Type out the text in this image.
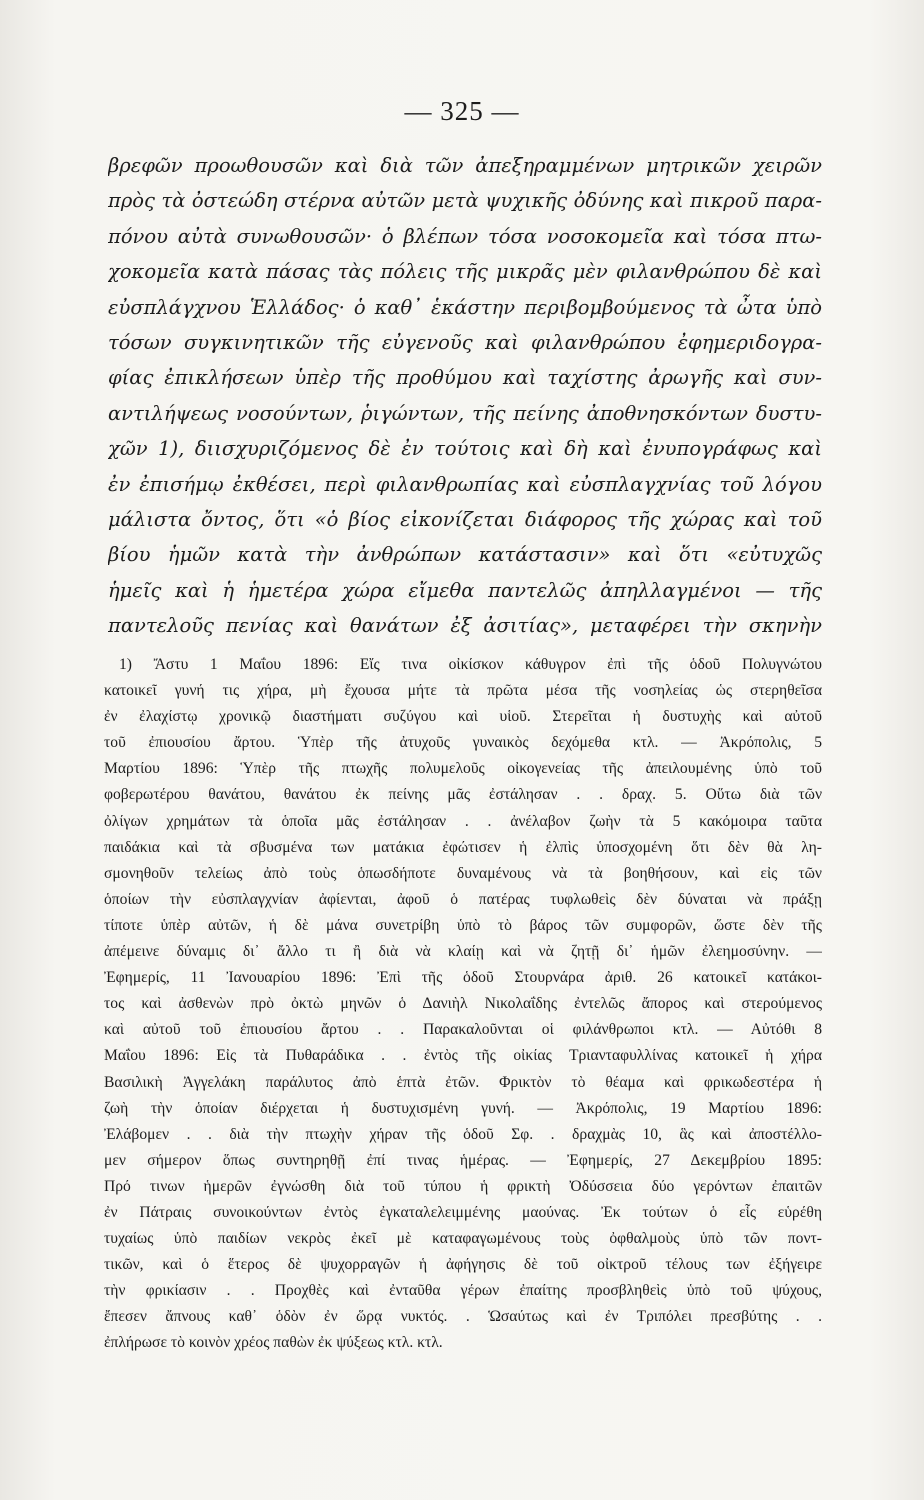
— 325 —
βρεφῶν προωθουσῶν καὶ διὰ τῶν ἀπεξηραμμένων μητρικῶν χειρῶν
πρὸς τὰ ὀστεώδη στέρνα αὐτῶν μετὰ ψυχικῆς ὀδύνης καὶ πικροῦ παρα-
πόνου αὐτὰ συνωθουσῶν· ὁ βλέπων τόσα νοσοκομεῖα καὶ τόσα πτω-
χοκομεῖα κατὰ πάσας τὰς πόλεις τῆς μικρᾶς μὲν φιλανθρώπου δὲ καὶ
εὐσπλάγχνου Ἑλλάδος· ὁ καθ᾽ ἑκάστην περιβομβούμενος τὰ ὦτα ὑπὸ
τόσων συγκινητικῶν τῆς εὐγενοῦς καὶ φιλανθρώπου ἐφημεριδογρα-
φίας ἐπικλήσεων ὑπὲρ τῆς προθύμου καὶ ταχίστης ἀρωγῆς καὶ συν-
αντιλήψεως νοσούντων, ῥιγώντων, τῆς πείνης ἀποθνησκόντων δυστυ-
χῶν 1), διισχυριζόμενος δὲ ἐν τούτοις καὶ δὴ καὶ ἐνυπογράφως καὶ
ἐν ἐπισήμῳ ἐκθέσει, περὶ φιλανθρωπίας καὶ εὐσπλαγχνίας τοῦ λόγου
μάλιστα ὄντος, ὅτι «ὁ βίος εἰκονίζεται διάφορος τῆς χώρας καὶ τοῦ
βίου ἡμῶν κατὰ τὴν ἀνθρώπων κατάστασιν» καὶ ὅτι «εὐτυχῶς
ἡμεῖς καὶ ἡ ἡμετέρα χώρα εἴμεθα παντελῶς ἀπηλλαγμένοι — τῆς
παντελοῦς πενίας καὶ θανάτων ἐξ ἀσιτίας», μεταφέρει τὴν σκηνὴν
1) Ἄστυ 1 Μαΐου 1896: Εἴς τινα οἰκίσκον κάθυγρον ἐπὶ τῆς ὁδοῦ Πολυγνώτου
κατοικεῖ γυνή τις χήρα, μὴ ἔχουσα μήτε τὰ πρῶτα μέσα τῆς νοσηλείας ὡς στερηθεῖσα
ἐν ἐλαχίστῳ χρονικῷ διαστήματι συζύγου καὶ υἱοῦ. Στερεῖται ἡ δυστυχὴς καὶ αὐτοῦ
τοῦ ἐπιουσίου ἄρτου. Ὑπὲρ τῆς ἀτυχοῦς γυναικὸς δεχόμεθα κτλ. — Ἀκρόπολις, 5
Μαρτίου 1896: Ὑπὲρ τῆς πτωχῆς πολυμελοῦς οἰκογενείας τῆς ἀπειλουμένης ὑπὸ τοῦ
φοβερωτέρου θανάτου, θανάτου ἐκ πείνης μᾶς ἐστάλησαν . . δραχ. 5. Οὕτω διὰ τῶν
ὀλίγων χρημάτων τὰ ὁποῖα μᾶς ἐστάλησαν . . ἀνέλαβον ζωὴν τὰ 5 κακόμοιρα ταῦτα
παιδάκια καὶ τὰ σβυσμένα των ματάκια ἐφώτισεν ἡ ἐλπὶς ὑποσχομένη ὅτι δὲν θὰ λη-
σμονηθοῦν τελείως ἀπὸ τοὺς ὁπωσδήποτε δυναμένους νὰ τὰ βοηθήσουν, καὶ εἰς τῶν
ὁποίων τὴν εὐσπλαγχνίαν ἀφίενται, ἀφοῦ ὁ πατέρας τυφλωθεὶς δὲν δύναται νὰ πράξῃ
τίποτε ὑπὲρ αὐτῶν, ἡ δὲ μάνα συνετρίβη ὑπὸ τὸ βάρος τῶν συμφορῶν, ὥστε δὲν τῆς
ἀπέμεινε δύναμις δι᾽ ἄλλο τι ἢ διὰ νὰ κλαίῃ καὶ νὰ ζητῇ δι᾽ ἡμῶν ἐλεημοσύνην. —
Ἐφημερίς, 11 Ἰανουαρίου 1896: Ἐπὶ τῆς ὁδοῦ Στουρνάρα ἀριθ. 26 κατοικεῖ κατάκοι-
τος καὶ ἀσθενὼν πρὸ ὀκτὼ μηνῶν ὁ Δανιὴλ Νικολαΐδης ἐντελῶς ἄπορος καὶ στερούμενος
καὶ αὐτοῦ τοῦ ἐπιουσίου ἄρτου . . Παρακαλοῦνται οἱ φιλάνθρωποι κτλ. — Αὐτόθι 8
Μαΐου 1896: Εἰς τὰ Πυθαράδικα . . ἐντὸς τῆς οἰκίας Τριανταφυλλίνας κατοικεῖ ἡ χήρα
Βασιλικὴ Ἀγγελάκη παράλυτος ἀπὸ ἑπτὰ ἐτῶν. Φρικτὸν τὸ θέαμα καὶ φρικωδεστέρα ἡ
ζωὴ τὴν ὁποίαν διέρχεται ἡ δυστυχισμένη γυνή. — Ἀκρόπολις, 19 Μαρτίου 1896:
Ἐλάβομεν . . διὰ τὴν πτωχὴν χήραν τῆς ὁδοῦ Σφ. . δραχμὰς 10, ἃς καὶ ἀποστέλλο-
μεν σήμερον ὅπως συντηρηθῇ ἐπί τινας ἡμέρας. — Ἐφημερίς, 27 Δεκεμβρίου 1895:
Πρό τινων ἡμερῶν ἐγνώσθη διὰ τοῦ τύπου ἡ φρικτὴ Ὀδύσσεια δύο γερόντων ἐπαιτῶν
ἐν Πάτραις συνοικούντων ἐντὸς ἐγκαταλελειμμένης μαούνας. Ἐκ τούτων ὁ εἷς εὑρέθη
τυχαίως ὑπὸ παιδίων νεκρὸς ἐκεῖ μὲ καταφαγωμένους τοὺς ὀφθαλμοὺς ὑπὸ τῶν ποντ-
τικῶν, καὶ ὁ ἕτερος δὲ ψυχορραγῶν ἡ ἀφήγησις δὲ τοῦ οἰκτροῦ τέλους των ἐξήγειρε
τὴν φρικίασιν . . Προχθὲς καὶ ἐνταῦθα γέρων ἐπαίτης προσβληθεὶς ὑπὸ τοῦ ψύχους,
ἔπεσεν ἄπνους καθ᾽ ὁδὸν ἐν ὥρᾳ νυκτός. . Ὡσαύτως καὶ ἐν Τριπόλει πρεσβύτης . .
ἐπλήρωσε τὸ κοινὸν χρέος παθὼν ἐκ ψύξεως κτλ. κτλ.
